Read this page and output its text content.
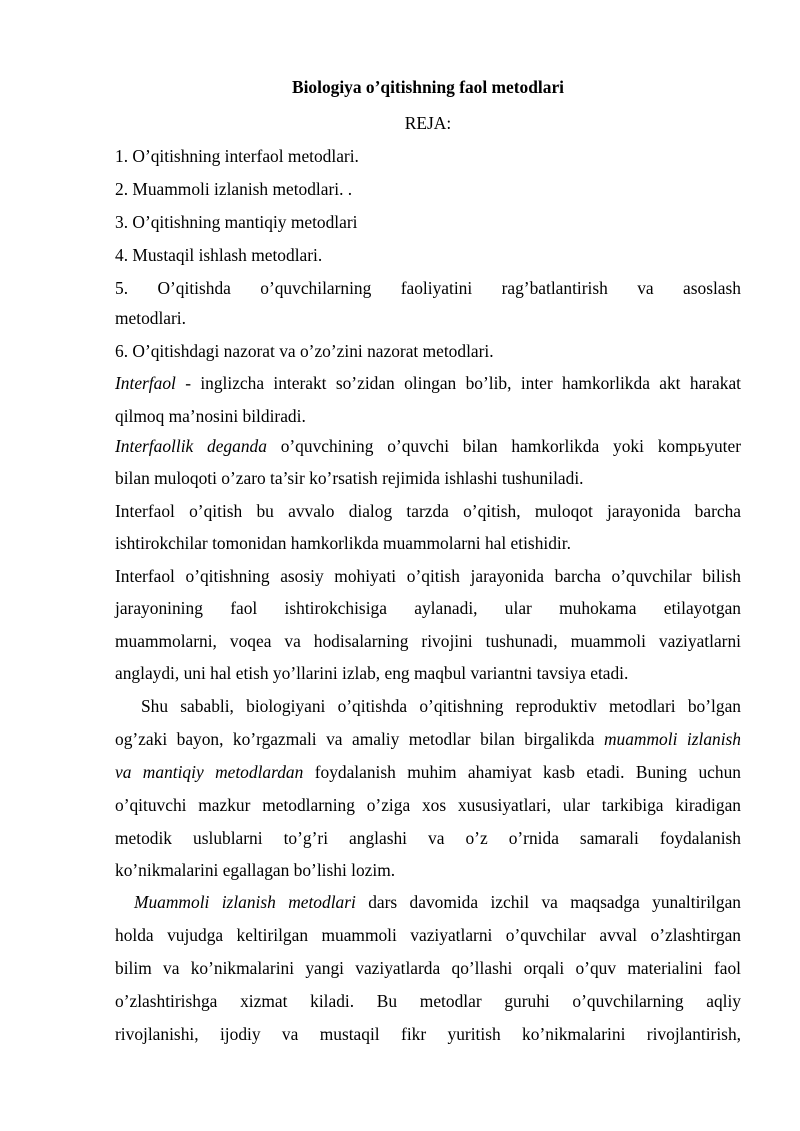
Biologiya o’qitishning faol metodlari
REJA:
1. O’qitishning interfaol metodlari.
2. Muammoli izlanish metodlari. .
3. O’qitishning mantiqiy metodlari
4. Mustaqil ishlash metodlari.
5. O’qitishda o’quvchilarning faoliyatini rag’batlantirish va asoslash
metodlari.
6. O’qitishdagi nazorat va o’zo’zini nazorat metodlari.
Interfaol - inglizcha interakt so’zidan olingan bo’lib, inter hamkorlikda akt harakat
qilmoq ma’nosini bildiradi.
Interfaollik deganda o’quvchining o’quvchi bilan hamkorlikda yoki kompьyuter
bilan muloqoti o’zaro ta’sir ko’rsatish rejimida ishlashi tushuniladi.
Interfaol o’qitish bu avvalo dialog tarzda o’qitish, muloqot jarayonida barcha
ishtirokchilar tomonidan hamkorlikda muammolarni hal etishidir.
Interfaol o’qitishning asosiy mohiyati o’qitish jarayonida barcha o’quvchilar bilish
jarayonining faol ishtirokchisiga aylanadi, ular muhokama etilayotgan
muammolarni, voqea va hodisalarning rivojini tushunadi, muammoli vaziyatlarni
anglaydi, uni hal etish yo’llarini izlab, eng maqbul variantni tavsiya etadi.
Shu sababli, biologiyani o’qitishda o’qitishning reproduktiv metodlari bo’lgan
og’zaki bayon, ko’rgazmali va amaliy metodlar bilan birgalikda muammoli izlanish
va mantiqiy metodlardan foydalanish muhim ahamiyat kasb etadi. Buning uchun
o’qituvchi mazkur metodlarning o’ziga xos xususiyatlari, ular tarkibiga kiradigan
metodik uslublarni to’g’ri anglashi va o’z o’rnida samarali foydalanish
ko’nikmalarini egallagan bo’lishi lozim.
Muammoli izlanish metodlari dars davomida izchil va maqsadga yunaltirilgan
holda vujudga keltirilgan muammoli vaziyatlarni o’quvchilar avval o’zlashtirgan
bilim va ko’nikmalarini yangi vaziyatlarda qo’llashi orqali o’quv materialini faol
o’zlashtirishga xizmat kiladi. Bu metodlar guruhi o’quvchilarning aqliy
rivojlanishi, ijodiy va mustaqil fikr yuritish ko’nikmalarini rivojlantirish,
